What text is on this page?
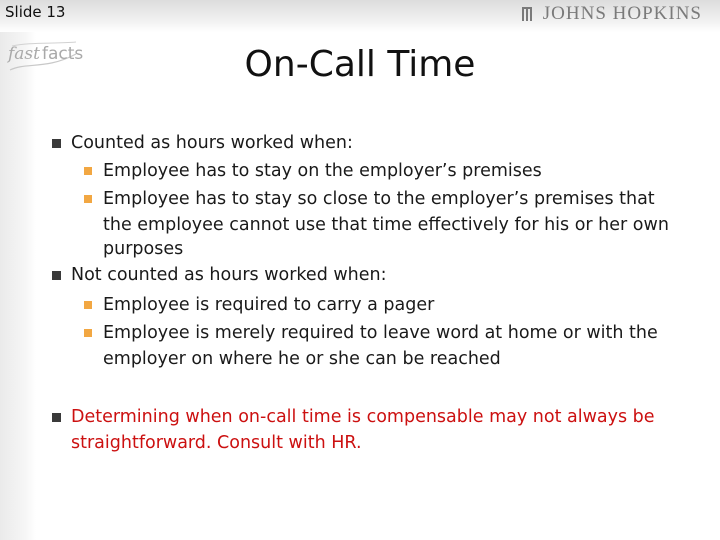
Slide 13	JOHNS HOPKINS
fast facts	On-Call Time
Counted as hours worked when:
Employee has to stay on the employer’s premises
Employee has to stay so close to the employer’s premises that
the employee cannot use that time effectively for his or her own
purposes
Not counted as hours worked when:
Employee is required to carry a pager
Employee is merely required to leave word at home or with the
employer on where he or she can be reached
Determining when on-call time is compensable may not always be
straightforward. Consult with HR.
